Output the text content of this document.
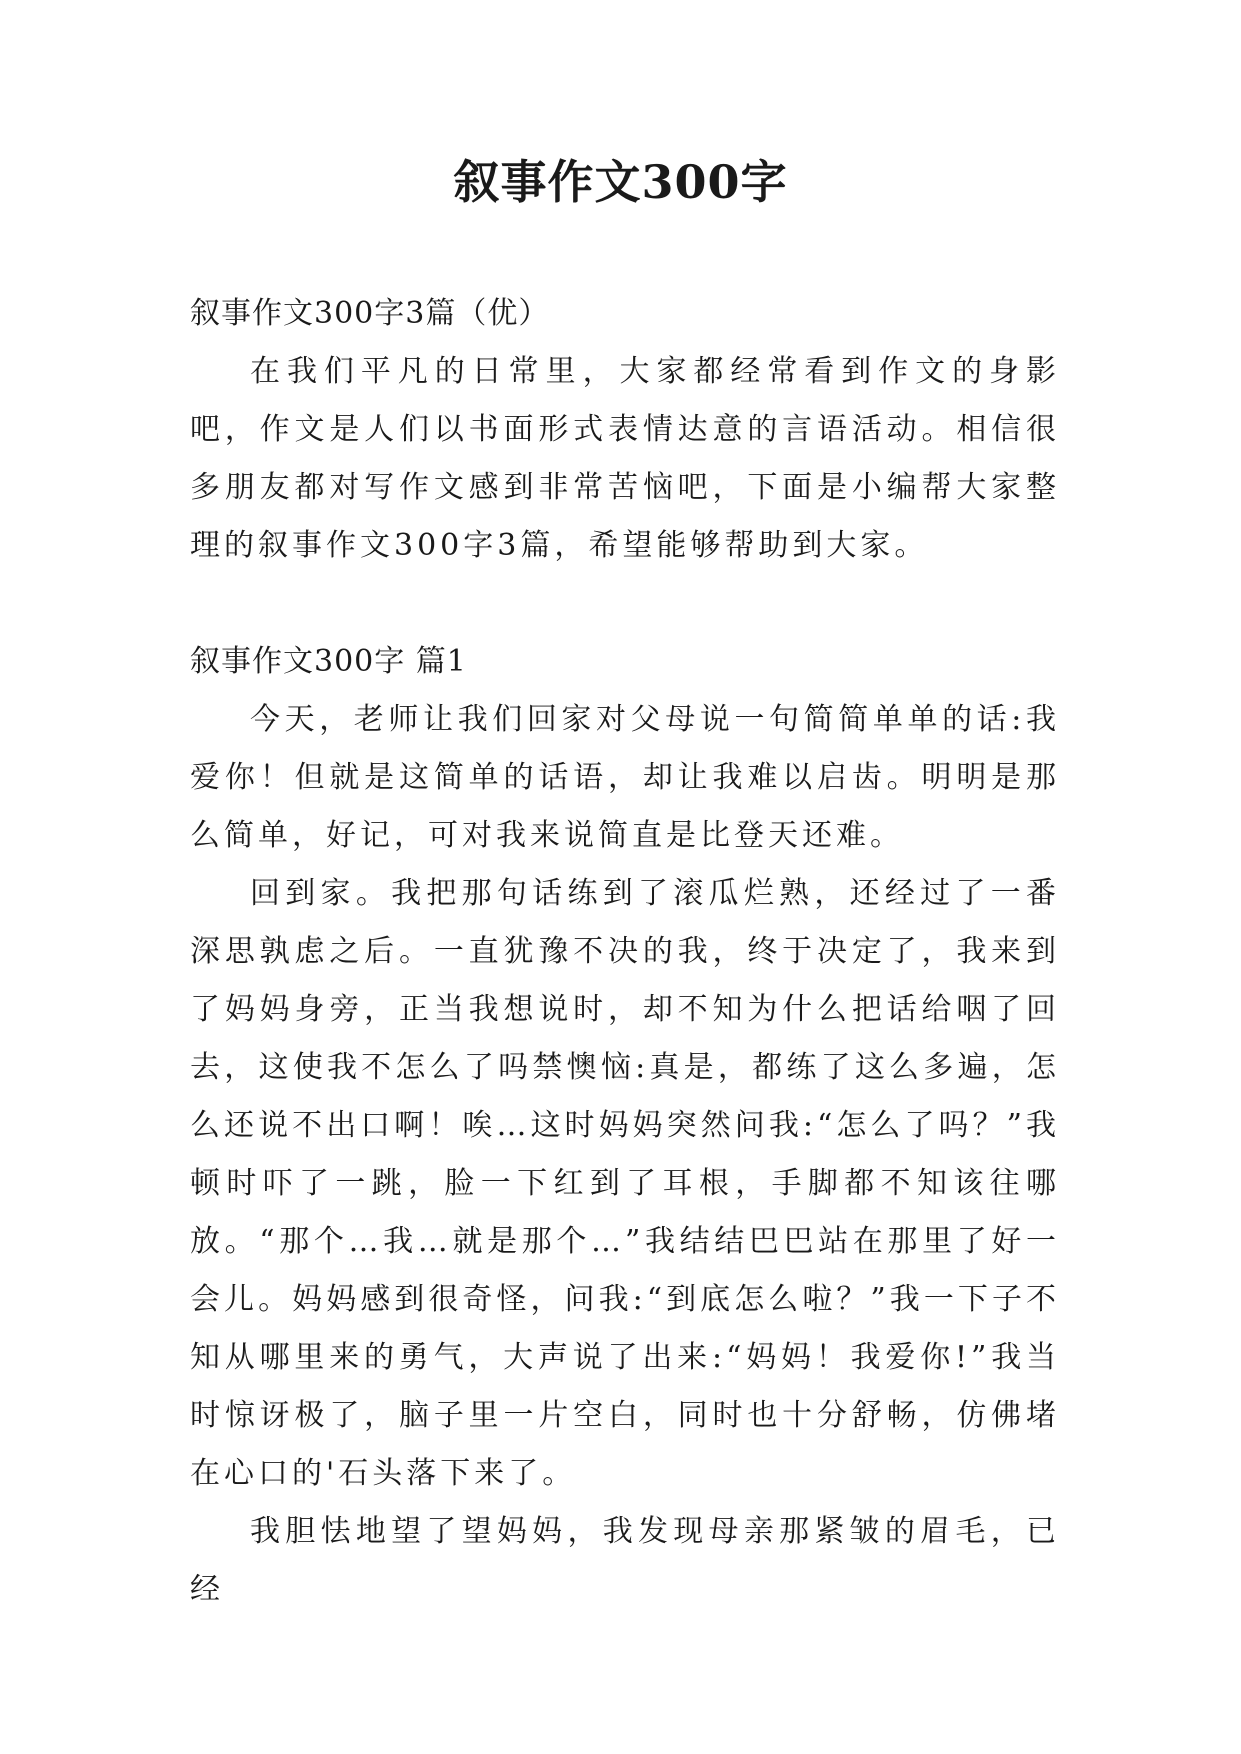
叙事作文300字

叙事作文300字3篇（优）

在我们平凡的日常里，大家都经常看到作文的身影吧，作文是人们以书面形式表情达意的言语活动。相信很多朋友都对写作文感到非常苦恼吧，下面是小编帮大家整理的叙事作文300字3篇，希望能够帮助到大家。

叙事作文300字 篇1

今天，老师让我们回家对父母说一句简简单单的话:我爱你！但就是这简单的话语，却让我难以启齿。明明是那么简单，好记，可对我来说简直是比登天还难。

回到家。我把那句话练到了滚瓜烂熟，还经过了一番深思孰虑之后。一直犹豫不决的我，终于决定了，我来到了妈妈身旁，正当我想说时，却不知为什么把话给咽了回去，这使我不怎么了吗禁懊恼:真是，都练了这么多遍，怎么还说不出口啊！唉…这时妈妈突然问我:“怎么了吗？”我顿时吓了一跳，脸一下红到了耳根，手脚都不知该往哪放。“那个…我…就是那个…”我结结巴巴站在那里了好一会儿。妈妈感到很奇怪，问我:“到底怎么啦？”我一下子不知从哪里来的勇气，大声说了出来:“妈妈！我爱你!”我当时惊讶极了，脑子里一片空白，同时也十分舒畅，仿佛堵在心口的'石头落下来了。

我胆怯地望了望妈妈，我发现母亲那紧皱的眉毛，已经
